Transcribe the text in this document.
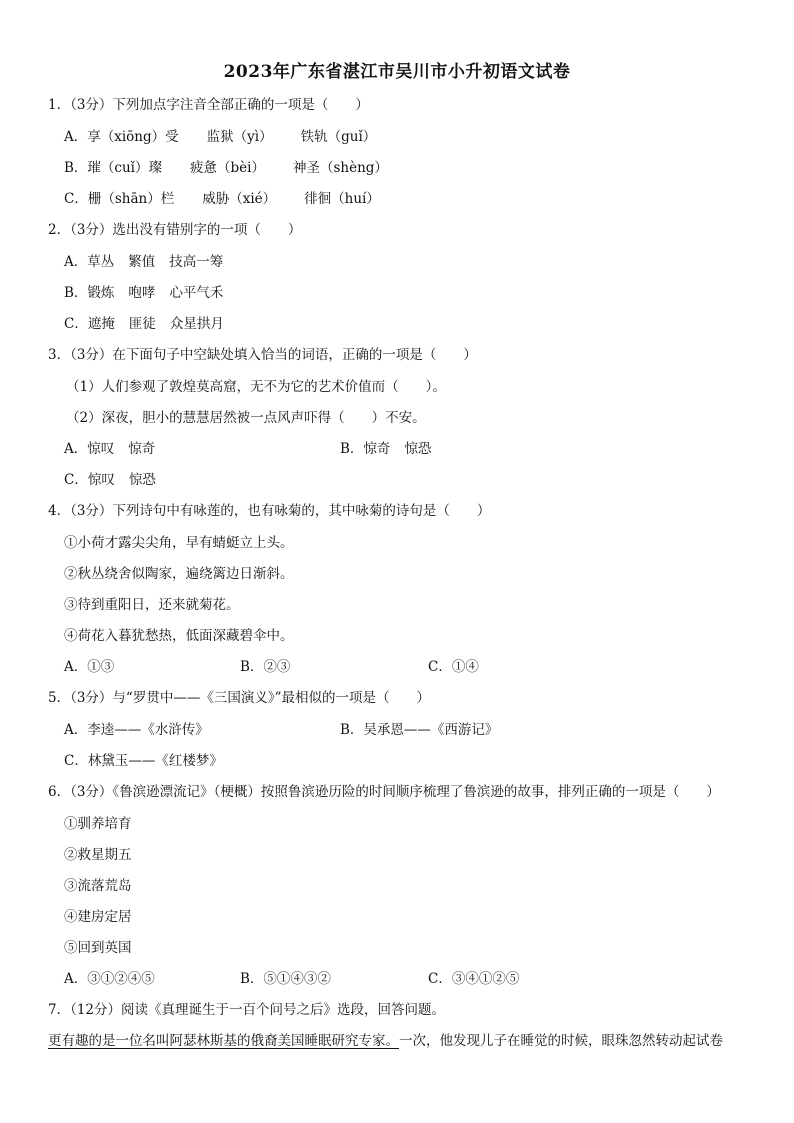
2023年广东省湛江市吴川市小升初语文试卷
1．（3分）下列加点字注音全部正确的一项是（　　）
A．享（xiōng）受 监狱（yì） 铁轨（guǐ）
B．璀（cuǐ）璨 疲惫（bèi） 神圣（shèng）
C．栅（shān）栏 威胁（xié） 徘徊（huí）
2．（3分）选出没有错别字的一项（　　）
A．草丛 繁值 技高一筹
B．锻炼 咆哮 心平气禾
C．遮掩 匪徒 众星拱月
3．（3分）在下面句子中空缺处填入恰当的词语，正确的一项是（　　）
（1）人们参观了敦煌莫高窟，无不为它的艺术价值而（　　）。
（2）深夜，胆小的慧慧居然被一点风声吓得（　　）不安。
A．惊叹 惊奇	B．惊奇 惊恐
C．惊叹 惊恐
4．（3分）下列诗句中有咏莲的，也有咏菊的，其中咏菊的诗句是（　　）
①小荷才露尖尖角，早有蜻蜓立上头。
②秋丛绕舍似陶家，遍绕篱边日渐斜。
③待到重阳日，还来就菊花。
④荷花入暮犹愁热，低面深藏碧伞中。
A．①③	B．②③	C．①④
5．（3分）与“罗贯中——《三国演义》”最相似的一项是（　　）
A．李逵——《水浒传》	B．吴承恩——《西游记》
C．林黛玉——《红楼梦》
6．（3分）《鲁滨逊漂流记》（梗概）按照鲁滨逊历险的时间顺序梳理了鲁滨逊的故事，排列正确的一项是（　　）
①驯养培育
②救星期五
③流落荒岛
④建房定居
⑤回到英国
A．③①②④⑤	B．⑤①④③②	C．③④①②⑤
7．（12分）阅读《真理诞生于一百个问号之后》选段，回答问题。
更有趣的是一位名叫阿瑟林斯基的俄裔美国睡眠研究专家。一次，他发现儿子在睡觉的时候，眼珠忽然转动起试卷
